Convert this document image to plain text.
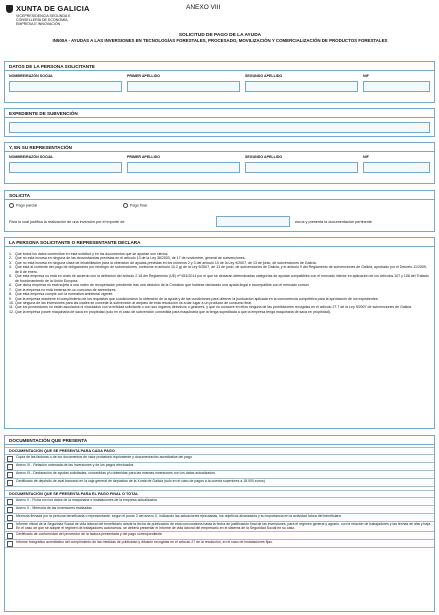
XUNTA DE GALICIA
VICEPRESIDENCIA SEGUNDA E
CONSELLERÍA DE ECONOMÍA,
EMPRESA E INNOVACIÓN
ANEXO VIII
SOLICITUD DE PAGO DE LA AYUDA
IN500A - AYUDAS A LAS INVERSIONES EN TECNOLOGÍAS FORESTALES, PROCESADO, MOVILIZACIÓN Y COMERCIALIZACIÓN DE PRODUCTOS FORESTALES
DATOS DE LA PERSONA SOLICITANTE
NOMBRE/RAZÓN SOCIAL	PRIMER APELLIDO	SEGUNDO APELLIDO	NIF
EXPEDIENTE DE SUBVENCIÓN
Y, EN SU REPRESENTACIÓN
NOMBRE/RAZÓN SOCIAL	PRIMER APELLIDO	SEGUNDO APELLIDO	NIF
SOLICITA
Pago parcial	Pago final
Para lo cual justifica la realización de una inversión por el importe de	euros y presenta la documentación pertinente
LA PERSONA SOLICITANTE O REPRESENTANTE DECLARA
1. Que todos los datos contenidos en esta solicitud y en los documentos que se aportan son ciertos.
2. Que no está incursa en ninguna de las circunstancias previstas en el artículo 13 de la Ley 38/2003, de 17 de noviembre, general de subvenciones.
3. Que no está incursa en ninguna clase de inhabilitación para la obtención de ayudas previstas en los números 2 y 3 del artículo 10 de la Ley 9/2007, de 13 de junio, de subvenciones de Galicia.
4. Que está al corriente del pago de obligaciones por reintegro de subvenciones, conforme el artículo 10.2 g) de la Ley 9/2007, de 13 de junio, de subvenciones de Galicia, y el artículo 9 del Reglamento de subvenciones de Galicia, aprobado por el Decreto 11/2009, de 8 de enero.
5. Que esta empresa no está en crisis de acuerdo con la definición del artículo 2.18 del Reglamento (UE) nº 651/2014 por el que se declaran determinadas categorías de ayudas compatibles con el mercado interior en aplicación de los artículos 107 y 108 del Tratado de funcionamiento de la Unión Europea.
6. Que dicha empresa no está sujeta a una orden de recuperación pendiente tras una decisión de la Comisión que hubiese declarado una ayuda ilegal e incompatible con el mercado común.
7. Que la empresa no está inmersa en un concurso de acreedores.
8. Que esta empresa cumple con la normativa ambiental vigente.
9. Que la empresa mantiene el cumplimiento de los requisitos que condicionaron la obtención de la ayuda y de las condiciones para obtener la puntuación aplicada en la concurrencia competitiva para la aprobación de los expedientes.
10. Que ninguna de las inversiones para las cuales se concede la subvención al amparo de esta resolución va a dar lugar a un producto de consumo final.
11. Que los proveedores no están asociados ni vinculados con la entidad solicitante o con sus órganos directivos o gestores, y que no concurre en ellos ninguna de las prohibiciones recogidas en el artículo 27.7 de la Ley 9/2007 de subvenciones de Galicia.
12. Que la empresa posee maquinaria de saca en propiedad (solo en el caso de subvención concedida para maquinaria que la tenga supeditada a que la empresa tenga maquinaria de saca en propiedad).
DOCUMENTACIÓN QUE PRESENTA
DOCUMENTACIÓN QUE SE PRESENTA PARA CADA PAGO
Copia de las facturas o de los documentos de valor probatorio equivalente y documentación acreditativa del pago
Anexo XI - Relación ordenada de las inversiones y de los pagos efectuados
Anexo IX - Declaración de ayudas solicitadas, concedidas y/u obtenidas para las mismas inversiones con los datos actualizados
Certificado de depósito de aval bancario en la caja general de depósitos de la Xunta de Galicia (solo en el caso de pagos a la cuenta superiores a 18.000 euros)
DOCUMENTACIÓN QUE SE PRESENTA PARA EL PAGO FINAL O TOTAL
Anexo V - Ficha con los datos de la maquinaria e instalaciones de la empresa actualizados
Anexo X - Memoria de las inversiones realizadas
Memoria firmada por la persona beneficiaria o representante, según el punto 2 del anexo X, indicando las actuaciones ejecutadas, los objetivos alcanzados y su importancia en la actividad futura del beneficiario
Informe oficial de la Seguridad Social de vida laboral del beneficiario desde la fecha de publicación de esta convocatoria hasta la fecha de justificación final de las inversiones, para el régimen general y agrario, con la relación de trabajadores y las fechas de alta y baja. En el caso de que se adopte el régimen de trabajadores autónomos, se deberá presentar el informe de vida laboral del empresario en el sistema de la Seguridad Social en su caso.
Certificado de conformidad del proveedor de la factura presentada y del pago correspondiente
Informe fotográfico acreditativo del cumplimiento de las medidas de publicidad y difusión recogidas en el artículo 27 de la resolución, en el caso de instalaciones fijas.
